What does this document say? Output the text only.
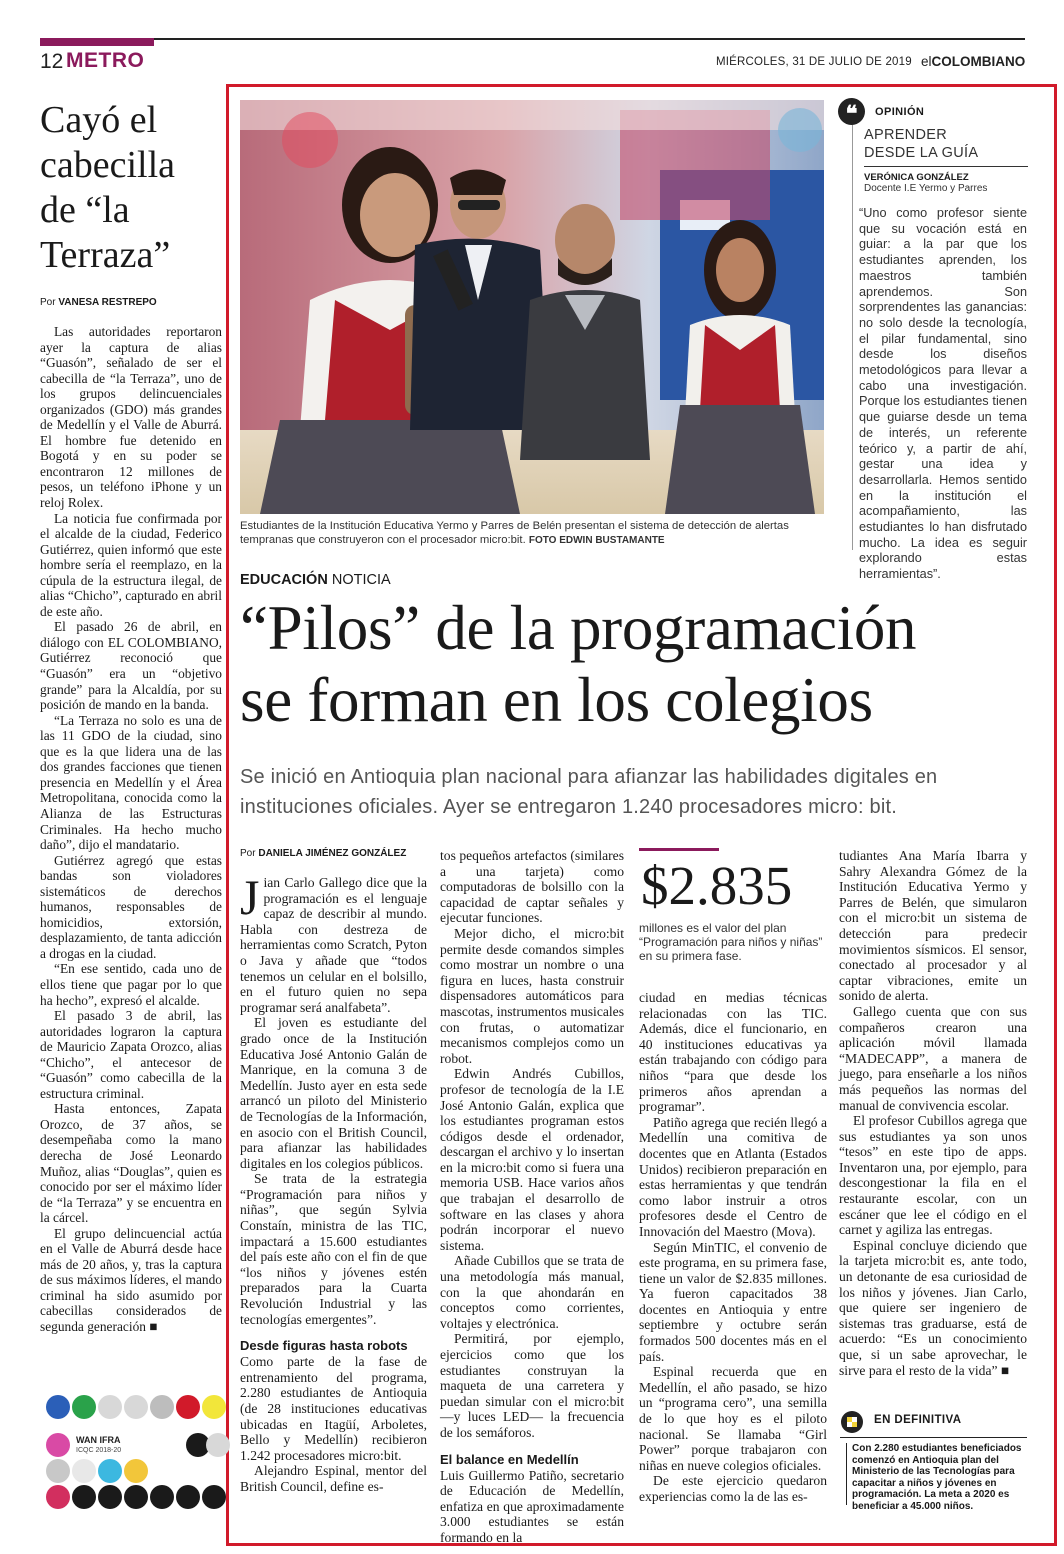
12 METRO	MIÉRCOLES, 31 DE JULIO DE 2019 elCOLOMBIANO
Cayó el cabecilla de “la Terraza”
Por VANESA RESTREPO

Las autoridades reportaron ayer la captura de alias “Guasón”, señalado de ser el cabecilla de “la Terraza”, uno de los grupos delincuenciales organizados (GDO) más grandes de Medellín y el Valle de Aburrá. El hombre fue detenido en Bogotá y en su poder se encontraron 12 millones de pesos, un teléfono iPhone y un reloj Rolex.

La noticia fue confirmada por el alcalde de la ciudad, Federico Gutiérrez, quien informó que este hombre sería el reemplazo, en la cúpula de la estructura ilegal, de alias “Chicho”, capturado en abril de este año.

El pasado 26 de abril, en diálogo con EL COLOMBIANO, Gutiérrez reconoció que “Guasón” era un “objetivo grande” para la Alcaldía, por su posición de mando en la banda.

“La Terraza no solo es una de las 11 GDO de la ciudad, sino que es la que lidera una de las dos grandes facciones que tienen presencia en Medellín y el Área Metropolitana, conocida como la Alianza de las Estructuras Criminales. Ha hecho mucho daño”, dijo el mandatario.

Gutiérrez agregó que estas bandas son violadores sistemáticos de derechos humanos, responsables de homicidios, extorsión, desplazamiento, de tanta adicción a drogas en la ciudad.

“En ese sentido, cada uno de ellos tiene que pagar por lo que ha hecho”, expresó el alcalde.

El pasado 3 de abril, las autoridades lograron la captura de Mauricio Zapata Orozco, alias “Chicho”, el antecesor de “Guasón” como cabecilla de la estructura criminal.

Hasta entonces, Zapata Orozco, de 37 años, se desempeñaba como la mano derecha de José Leonardo Muñoz, alias “Douglas”, quien es conocido por ser el máximo líder de “la Terraza” y se encuentra en la cárcel.

El grupo delincuencial actúa en el Valle de Aburrá desde hace más de 20 años, y, tras la captura de sus máximos líderes, el mando criminal ha sido asumido por cabecillas considerados de segunda generación ■

Estudiantes de la Institución Educativa Yermo y Parres de Belén presentan el sistema de detección de alertas tempranas que construyeron con el procesador micro:bit. FOTO EDWIN BUSTAMANTE
❝	OPINIÓN
APRENDER
DESDE LA GUÍA
VERÓNICA GONZÁLEZ
Docente I.E Yermo y Parres
“Uno como profesor siente que su vocación está en guiar: a la par que los estudiantes aprenden, los maestros también aprendemos. Son sorprendentes las ganancias: no solo desde la tecnología, el pilar fundamental, sino desde los diseños metodológicos para llevar a cabo una investigación. Porque los estudiantes tienen que guiarse desde un tema de interés, un referente teórico y, a partir de ahí, gestar una idea y desarrollarla. Hemos sentido en la institución el acompañamiento, las estudiantes lo han disfrutado mucho. La idea es seguir explorando estas herramientas”.
EDUCACIÓN NOTICIA
“Pilos” de la programación
se forman en los colegios
Se inició en Antioquia plan nacional para afianzar las habilidades digitales en instituciones oficiales. Ayer se entregaron 1.240 procesadores micro: bit.
Por DANIELA JIMÉNEZ GONZÁLEZ

Jian Carlo Gallego dice que la programación es el lenguaje capaz de describir al mundo. Habla con destreza de herramientas como Scratch, Pyton o Java y añade que “todos tenemos un celular en el bolsillo, en el futuro quien no sepa programar será analfabeta”.

El joven es estudiante del grado once de la Institución Educativa José Antonio Galán de Manrique, en la comuna 3 de Medellín. Justo ayer en esta sede arrancó un piloto del Ministerio de Tecnologías de la Información, en asocio con el British Council, para afianzar las habilidades digitales en los colegios públicos.

Se trata de la estrategia “Programación para niños y niñas”, que según Sylvia Constaín, ministra de las TIC, impactará a 15.600 estudiantes del país este año con el fin de que “los niños y jóvenes estén preparados para la Cuarta Revolución Industrial y las tecnologías emergentes”.

Desde figuras hasta robots

Como parte de la fase de entrenamiento del programa, 2.280 estudiantes de Antioquia (de 28 instituciones educativas ubicadas en Itagüí, Arboletes, Bello y Medellín) recibieron 1.242 procesadores micro:bit.

Alejandro Espinal, mentor del British Council, define es-

tos pequeños artefactos (similares a una tarjeta) como computadoras de bolsillo con la capacidad de captar señales y ejecutar funciones.

Mejor dicho, el micro:bit permite desde comandos simples como mostrar un nombre o una figura en luces, hasta construir dispensadores automáticos para mascotas, instrumentos musicales con frutas, o automatizar mecanismos complejos como un robot.

Edwin Andrés Cubillos, profesor de tecnología de la I.E José Antonio Galán, explica que los estudiantes programan estos códigos desde el ordenador, descargan el archivo y lo insertan en la micro:bit como si fuera una memoria USB. Hace varios años que trabajan el desarrollo de software en las clases y ahora podrán incorporar el nuevo sistema.

Añade Cubillos que se trata de una metodología más manual, con la que ahondarán en conceptos como corrientes, voltajes y electrónica.

Permitirá, por ejemplo, ejercicios como que los estudiantes construyan la maqueta de una carretera y puedan simular con el micro:bit —y luces LED— la frecuencia de los semáforos.

El balance en Medellín

Luis Guillermo Patiño, secretario de Educación de Medellín, enfatiza en que aproximadamente 3.000 estudiantes se están formando en la

$2.835
millones es el valor del plan “Programación para niños y niñas” en su primera fase.

ciudad en medias técnicas relacionadas con las TIC. Además, dice el funcionario, en 40 instituciones educativas ya están trabajando con código para niños “para que desde los primeros años aprendan a programar”.

Patiño agrega que recién llegó a Medellín una comitiva de docentes que en Atlanta (Estados Unidos) recibieron preparación en estas herramientas y que tendrán como labor instruir a otros profesores desde el Centro de Innovación del Maestro (Mova).

Según MinTIC, el convenio de este programa, en su primera fase, tiene un valor de $2.835 millones. Ya fueron capacitados 38 docentes en Antioquia y entre septiembre y octubre serán formados 500 docentes más en el país.

Espinal recuerda que en Medellín, el año pasado, se hizo un “programa cero”, una semilla de lo que hoy es el piloto nacional. Se llamaba “Girl Power” porque trabajaron con niñas en nueve colegios oficiales.

De este ejercicio quedaron experiencias como la de las es-

tudiantes Ana María Ibarra y Sahry Alexandra Gómez de la Institución Educativa Yermo y Parres de Belén, que simularon con el micro:bit un sistema de detección para predecir movimientos sísmicos. El sensor, conectado al procesador y al captar vibraciones, emite un sonido de alerta.

Gallego cuenta que con sus compañeros crearon una aplicación móvil llamada “MADECAPP”, a manera de juego, para enseñarle a los niños más pequeños las normas del manual de convivencia escolar.

El profesor Cubillos agrega que sus estudiantes ya son unos “tesos” en este tipo de apps. Inventaron una, por ejemplo, para descongestionar la fila en el restaurante escolar, con un escáner que lee el código en el carnet y agiliza las entregas.

Espinal concluye diciendo que la tarjeta micro:bit es, ante todo, un detonante de esa curiosidad de los niños y jóvenes. Jian Carlo, que quiere ser ingeniero de sistemas tras graduarse, está de acuerdo: “Es un conocimiento que, si un sabe aprovechar, le sirve para el resto de la vida” ■

EN DEFINITIVA
Con 2.280 estudiantes beneficiados comenzó en Antioquia plan del Ministerio de las Tecnologías para capacitar a niños y jóvenes en programación. La meta a 2020 es beneficiar a 45.000 niños.
WAN IFRA
ICQC 2018-20
